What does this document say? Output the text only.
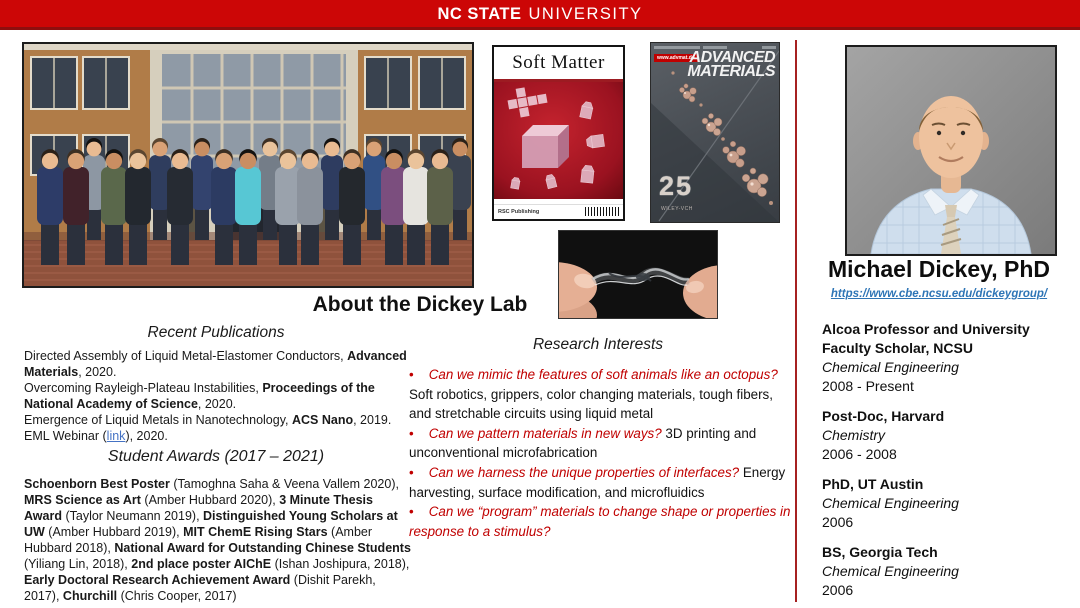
NC STATE UNIVERSITY
Soft Matter
RSC Publishing
www.advmat.de
ADVANCED
MATERIALS
25
WILEY-VCH
About the Dickey Lab
Recent Publications
Directed Assembly of Liquid Metal-Elastomer Conductors, Advanced Materials, 2020.
Overcoming Rayleigh-Plateau Instabilities, Proceedings of the National Academy of Science, 2020.
Emergence of Liquid Metals in Nanotechnology, ACS Nano, 2019.
EML Webinar (link), 2020.
Student Awards (2017 – 2021)
Schoenborn Best Poster (Tamoghna Saha & Veena Vallem 2020), MRS Science as Art (Amber Hubbard 2020), 3 Minute Thesis Award (Taylor Neumann 2019), Distinguished Young Scholars at UW (Amber Hubbard 2019), MIT ChemE Rising Stars (Amber Hubbard 2018), National Award for Outstanding Chinese Students (Yiliang Lin, 2018), 2nd place poster AIChE (Ishan Joshipura, 2018), Early Doctoral Research Achievement Award (Dishit Parekh, 2017), Churchill (Chris Cooper, 2017)
Research Interests

• Can we mimic the features of soft animals like an octopus? Soft robotics, grippers, color changing materials, tough fibers, and stretchable circuits using liquid metal

• Can we pattern materials in new ways? 3D printing and unconventional microfabrication

• Can we harness the unique properties of interfaces? Energy harvesting, surface modification, and microfluidics

• Can we “program” materials to change shape or properties in response to a stimulus?

Michael Dickey, PhD
https://www.cbe.ncsu.edu/dickeygroup/
Alcoa Professor and University Faculty Scholar, NCSU
Chemical Engineering
2008 - Present
Post-Doc, Harvard
Chemistry
2006 - 2008
PhD, UT Austin
Chemical Engineering
2006
BS, Georgia Tech
Chemical Engineering
2006
